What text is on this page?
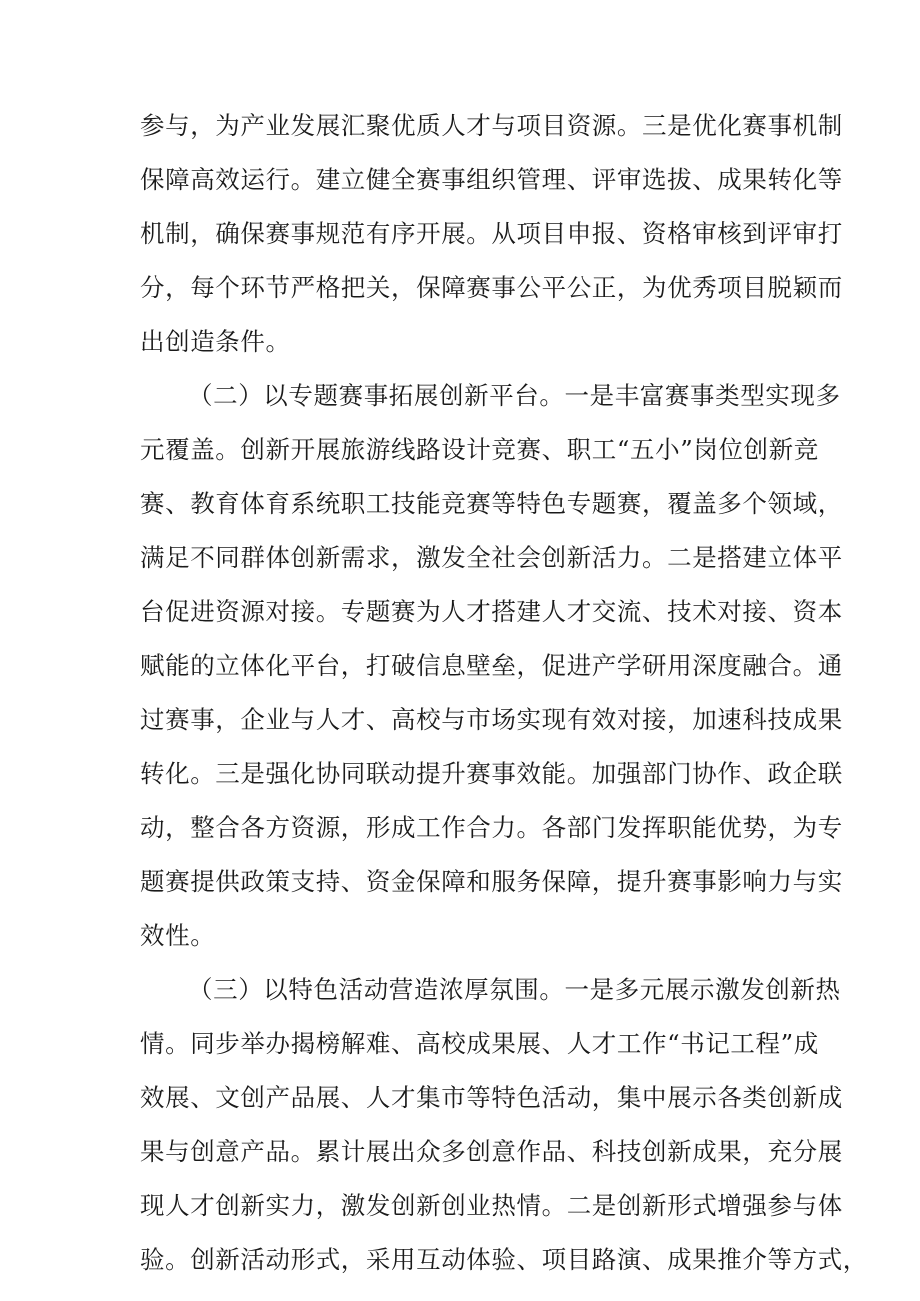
参与，为产业发展汇聚优质人才与项目资源。三是优化赛事机制
保障高效运行。建立健全赛事组织管理、评审选拔、成果转化等
机制，确保赛事规范有序开展。从项目申报、资格审核到评审打
分，每个环节严格把关，保障赛事公平公正，为优秀项目脱颖而
出创造条件。
（二）以专题赛事拓展创新平台。一是丰富赛事类型实现多
元覆盖。创新开展旅游线路设计竞赛、职工“五小”岗位创新竞
赛、教育体育系统职工技能竞赛等特色专题赛，覆盖多个领域，
满足不同群体创新需求，激发全社会创新活力。二是搭建立体平
台促进资源对接。专题赛为人才搭建人才交流、技术对接、资本
赋能的立体化平台，打破信息壁垒，促进产学研用深度融合。通
过赛事，企业与人才、高校与市场实现有效对接，加速科技成果
转化。三是强化协同联动提升赛事效能。加强部门协作、政企联
动，整合各方资源，形成工作合力。各部门发挥职能优势，为专
题赛提供政策支持、资金保障和服务保障，提升赛事影响力与实
效性。
（三）以特色活动营造浓厚氛围。一是多元展示激发创新热
情。同步举办揭榜解难、高校成果展、人才工作“书记工程”成
效展、文创产品展、人才集市等特色活动，集中展示各类创新成
果与创意产品。累计展出众多创意作品、科技创新成果，充分展
现人才创新实力，激发创新创业热情。二是创新形式增强参与体
验。创新活动形式，采用互动体验、项目路演、成果推介等方式，
